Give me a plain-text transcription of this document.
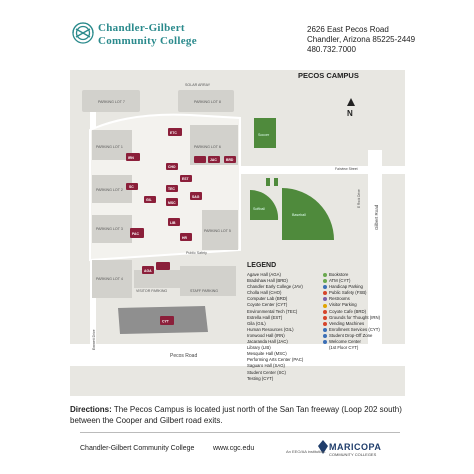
Chandler-Gilbert
Community College
2626 East Pecos Road
Chandler, Arizona 85225-2449
480.732.7000
PARKING LOT 7	PARKING LOT 8
SOLAR ARRAY
PARKING LOT 1
PARKING LOT 2
PARKING LOT 3
PARKING LOT 4
PARKING LOT 6
PARKING LOT 5
VISITOR PARKING	STAFF PARKING
Public Safety
ETC
IRN
AGA
BRD
JAC
SAG
CHO
TEC
EST
MSC
SC
GIL
PAC
HR
LIB
CYT
Soccer
Softball
Baseball
PECOS CAMPUS
N
Pecos Road
Fairview Street
Gilbert Road
Emmett Drive
E Rock Drive
LEGEND
Agave Hall (AGA)
Bradshaw Hall (BRD)
Chandler Early College (JAV)
Cholla Hall (CHO)
Computer Lab (BRD)
Coyote Center (CYT)
Environmental Tech (TEC)
Estrella Hall (EST)
Gila (GIL)
Human Resources (GIL)
Ironwood Hall (IRN)
Jacaranda Hall (JAC)
Library (LIB)
Mesquite Hall (MSC)
Performing Arts Center (PAC)
Saguaro Hall (SAG)
Student Center (SC)
Testing (CYT)
Bookstore
ATM (CYT)
Handicap Parking
Public Safety (FSB)
Restrooms
Visitor Parking
Coyote Cafe (BRD)
Grounds for Thought (IRN)
Vending Machines
Enrollment Services (CYT)
Student Drop-Off Zone
Welcome Center
(1st Floor CYT)
Directions: The Pecos Campus is located just north of the San Tan freeway (Loop 202 south) between the Cooper and Gilbert road exits.
Chandler-Gilbert Community College	www.cgc.edu	MARICOPA
COMMUNITY COLLEGES
An EEO/AA institution.
